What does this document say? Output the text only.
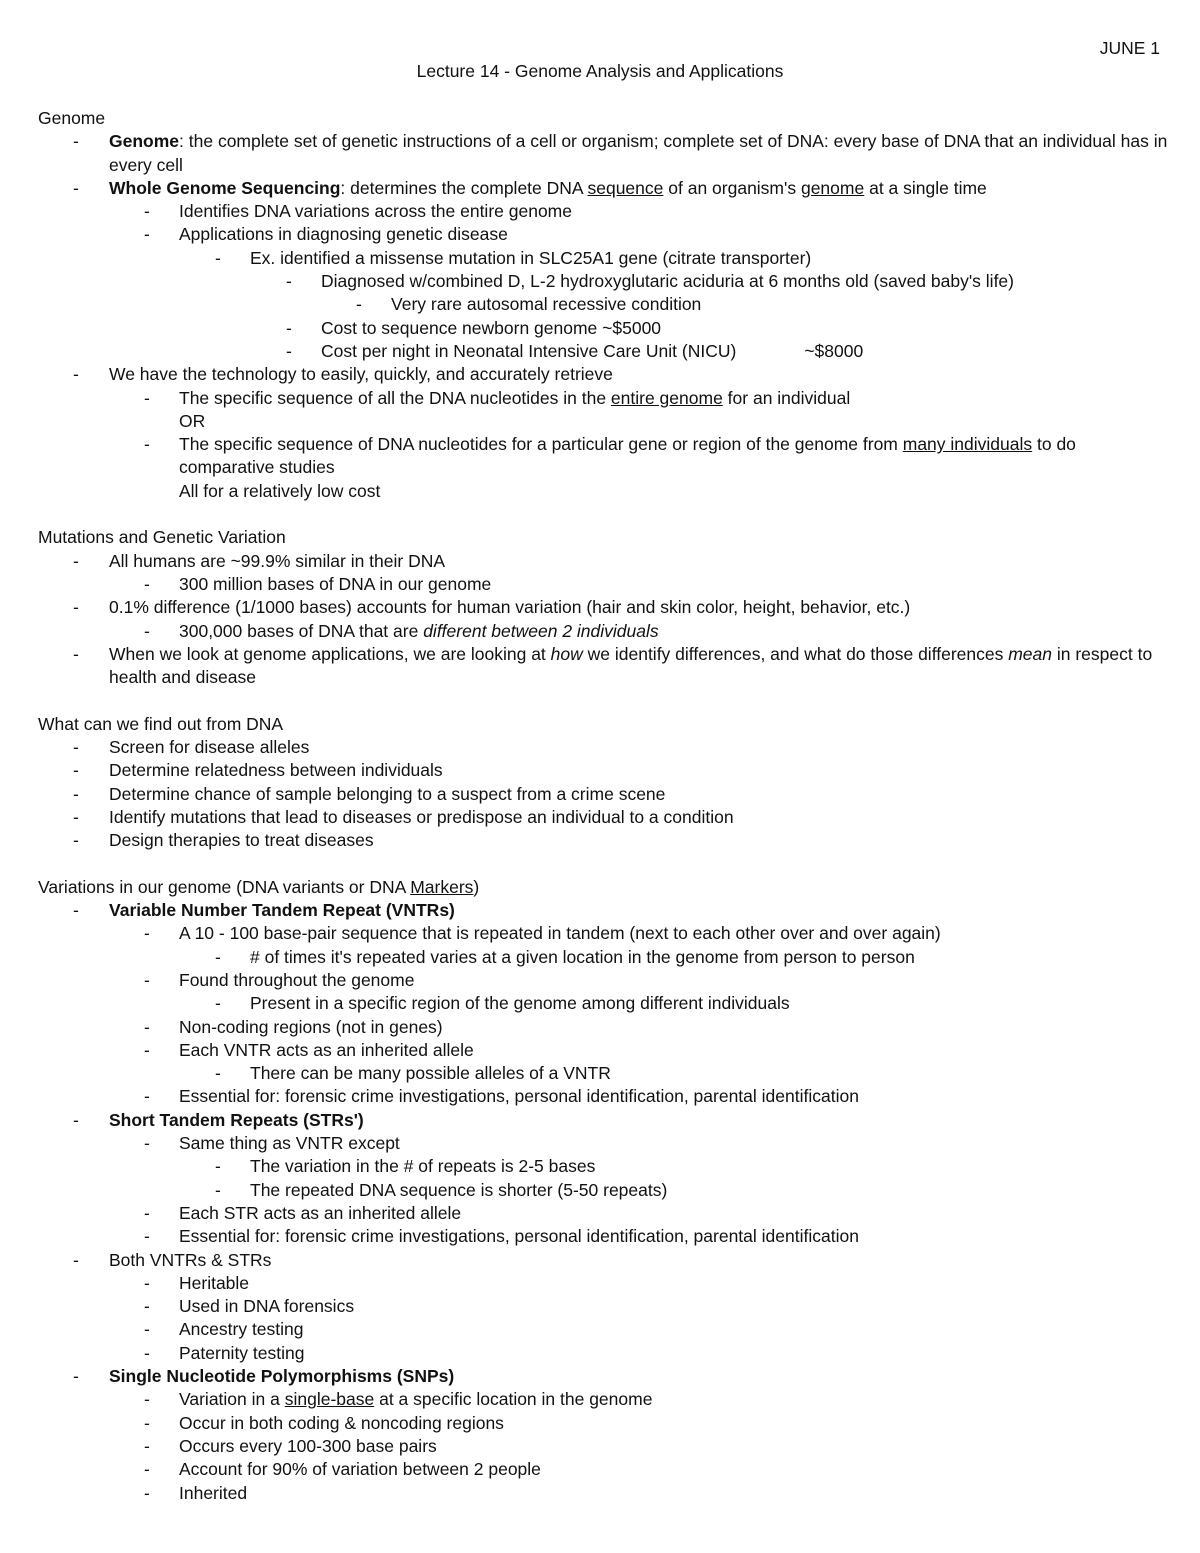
JUNE 1
Lecture 14 - Genome Analysis and Applications
Genome
- Genome: the complete set of genetic instructions of a cell or organism; complete set of DNA: every base of DNA that an individual has in every cell
- Whole Genome Sequencing: determines the complete DNA sequence of an organism's genome at a single time
- Identifies DNA variations across the entire genome
- Applications in diagnosing genetic disease
- Ex. identified a missense mutation in SLC25A1 gene (citrate transporter)
- Diagnosed w/combined D, L-2 hydroxyglutaric aciduria at 6 months old (saved baby's life)
- Very rare autosomal recessive condition
- Cost to sequence newborn genome ~$5000
- Cost per night in Neonatal Intensive Care Unit (NICU)	~$8000
- We have the technology to easily, quickly, and accurately retrieve
- The specific sequence of all the DNA nucleotides in the entire genome for an individual
OR
- The specific sequence of DNA nucleotides for a particular gene or region of the genome from many individuals to do comparative studies
All for a relatively low cost
Mutations and Genetic Variation
- All humans are ~99.9% similar in their DNA
- 300 million bases of DNA in our genome
- 0.1% difference (1/1000 bases) accounts for human variation (hair and skin color, height, behavior, etc.)
- 300,000 bases of DNA that are different between 2 individuals
- When we look at genome applications, we are looking at how we identify differences, and what do those differences mean in respect to health and disease
What can we find out from DNA
- Screen for disease alleles
- Determine relatedness between individuals
- Determine chance of sample belonging to a suspect from a crime scene
- Identify mutations that lead to diseases or predispose an individual to a condition
- Design therapies to treat diseases
Variations in our genome (DNA variants or DNA Markers)
- Variable Number Tandem Repeat (VNTRs)
- A 10 - 100 base-pair sequence that is repeated in tandem (next to each other over and over again)
- # of times it's repeated varies at a given location in the genome from person to person
- Found throughout the genome
- Present in a specific region of the genome among different individuals
- Non-coding regions (not in genes)
- Each VNTR acts as an inherited allele
- There can be many possible alleles of a VNTR
- Essential for: forensic crime investigations, personal identification, parental identification
- Short Tandem Repeats (STRs')
- Same thing as VNTR except
- The variation in the # of repeats is 2-5 bases
- The repeated DNA sequence is shorter (5-50 repeats)
- Each STR acts as an inherited allele
- Essential for: forensic crime investigations, personal identification, parental identification
- Both VNTRs & STRs
- Heritable
- Used in DNA forensics
- Ancestry testing
- Paternity testing
- Single Nucleotide Polymorphisms (SNPs)
- Variation in a single-base at a specific location in the genome
- Occur in both coding & noncoding regions
- Occurs every 100-300 base pairs
- Account for 90% of variation between 2 people
- Inherited
